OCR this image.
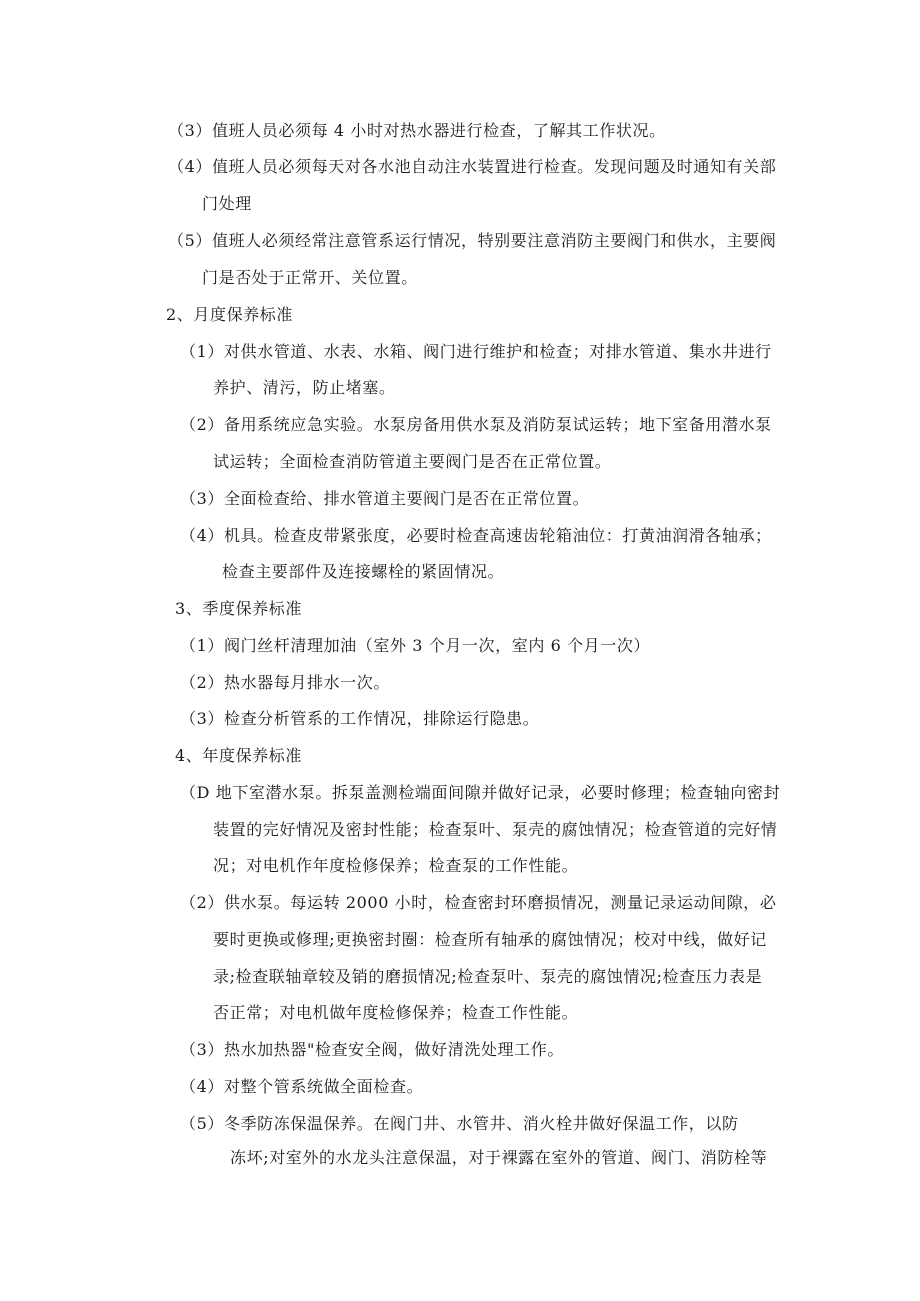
（3）值班人员必须每 4 小时对热水器进行检查，了解其工作状况。
（4）值班人员必须每天对各水池自动注水装置进行检查。发现问题及时通知有关部
门处理
（5）值班人必须经常注意管系运行情况，特别要注意消防主要阀门和供水，主要阀
门是否处于正常开、关位置。
2、月度保养标准
（1）对供水管道、水表、水箱、阀门进行维护和检查；对排水管道、集水井进行
养护、清污，防止堵塞。
（2）备用系统应急实验。水泵房备用供水泵及消防泵试运转；地下室备用潜水泵
试运转；全面检查消防管道主要阀门是否在正常位置。
（3）全面检查给、排水管道主要阀门是否在正常位置。
（4）机具。检查皮带紧张度，必要时检查高速齿轮箱油位：打黄油润滑各轴承；
检查主要部件及连接螺栓的紧固情况。
3、季度保养标准
（1）阀门丝杆清理加油（室外 3 个月一次，室内 6 个月一次）
（2）热水器每月排水一次。
（3）检查分析管系的工作情况，排除运行隐患。
4、年度保养标准
（D 地下室潜水泵。拆泵盖测检端面间隙并做好记录，必要时修理；检查轴向密封
装置的完好情况及密封性能；检查泵叶、泵壳的腐蚀情况；检查管道的完好情
况；对电机作年度检修保养；检查泵的工作性能。
（2）供水泵。每运转 2000 小时，检查密封环磨损情况，测量记录运动间隙，必
要时更换或修理;更换密封圈：检查所有轴承的腐蚀情况；校对中线，做好记
录;检查联轴章较及销的磨损情况;检查泵叶、泵壳的腐蚀情况;检查压力表是
否正常；对电机做年度检修保养；检查工作性能。
（3）热水加热器"检查安全阀，做好清洗处理工作。
（4）对整个管系统做全面检查。
（5）冬季防冻保温保养。在阀门井、水管井、消火栓井做好保温工作，以防
冻坏;对室外的水龙头注意保温，对于裸露在室外的管道、阀门、消防栓等
